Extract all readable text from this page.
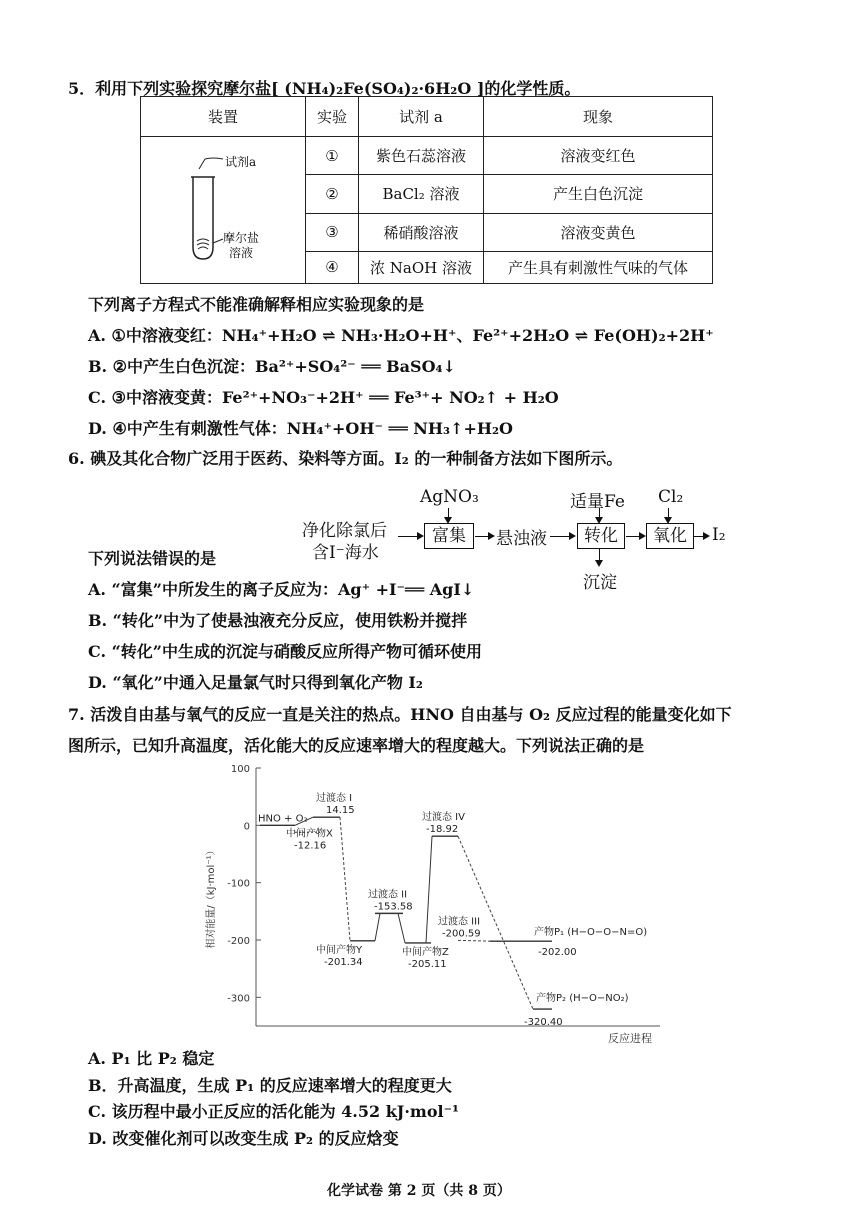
5．利用下列实验探究摩尔盐[ (NH₄)₂Fe(SO₄)₂·6H₂O ]的化学性质。
装置	实验	试剂 a	现象

试剂a
摩尔盐
溶液	①	紫色石蕊溶液	溶液变红色
	②	BaCl₂ 溶液	产生白色沉淀
	③	稀硝酸溶液	溶液变黄色
	④	浓 NaOH 溶液	产生具有刺激性气味的气体
下列离子方程式不能准确解释相应实验现象的是
A. ①中溶液变红：NH₄⁺+H₂O ⇌ NH₃·H₂O+H⁺、Fe²⁺+2H₂O ⇌ Fe(OH)₂+2H⁺
B. ②中产生白色沉淀：Ba²⁺+SO₄²⁻ ══ BaSO₄↓
C. ③中溶液变黄：Fe²⁺+NO₃⁻+2H⁺ ══ Fe³⁺+ NO₂↑ + H₂O
D. ④中产生有刺激性气体：NH₄⁺+OH⁻ ══ NH₃↑+H₂O
6. 碘及其化合物广泛用于医药、染料等方面。I₂ 的一种制备方法如下图所示。
净化除氯后
含I⁻海水
AgNO₃
富集	悬浊液
适量Fe
转化
沉淀
Cl₂
氧化	I₂
下列说法错误的是
A. “富集”中所发生的离子反应为：Ag⁺ +I⁻══ AgI↓
B. “转化”中为了使悬浊液充分反应，使用铁粉并搅拌
C. “转化”中生成的沉淀与硝酸反应所得产物可循环使用
D. “氧化”中通入足量氯气时只得到氧化产物 I₂
7. 活泼自由基与氧气的反应一直是关注的热点。HNO 自由基与 O₂ 反应过程的能量变化如下
图所示，已知升高温度，活化能大的反应速率增大的程度越大。下列说法正确的是
100
0
-100
-200
-300
相对能量/（kJ·mol⁻¹）
反应进程
HNO + O₂
过渡态 I
14.15
中间产物X
-12.16
中间产物Y
-201.34
过渡态 II
-153.58
中间产物Z
-205.11
过渡态 IV
-18.92
过渡态 III
-200.59	产物P₁ (H−O−O−N=O)
-202.00
产物P₂ (H−O−NO₂)
-320.40
A. P₁ 比 P₂ 稳定
B．升高温度，生成 P₁ 的反应速率增大的程度更大
C. 该历程中最小正反应的活化能为 4.52 kJ·mol⁻¹
D. 改变催化剂可以改变生成 P₂ 的反应焓变
化学试卷 第 2 页（共 8 页）
